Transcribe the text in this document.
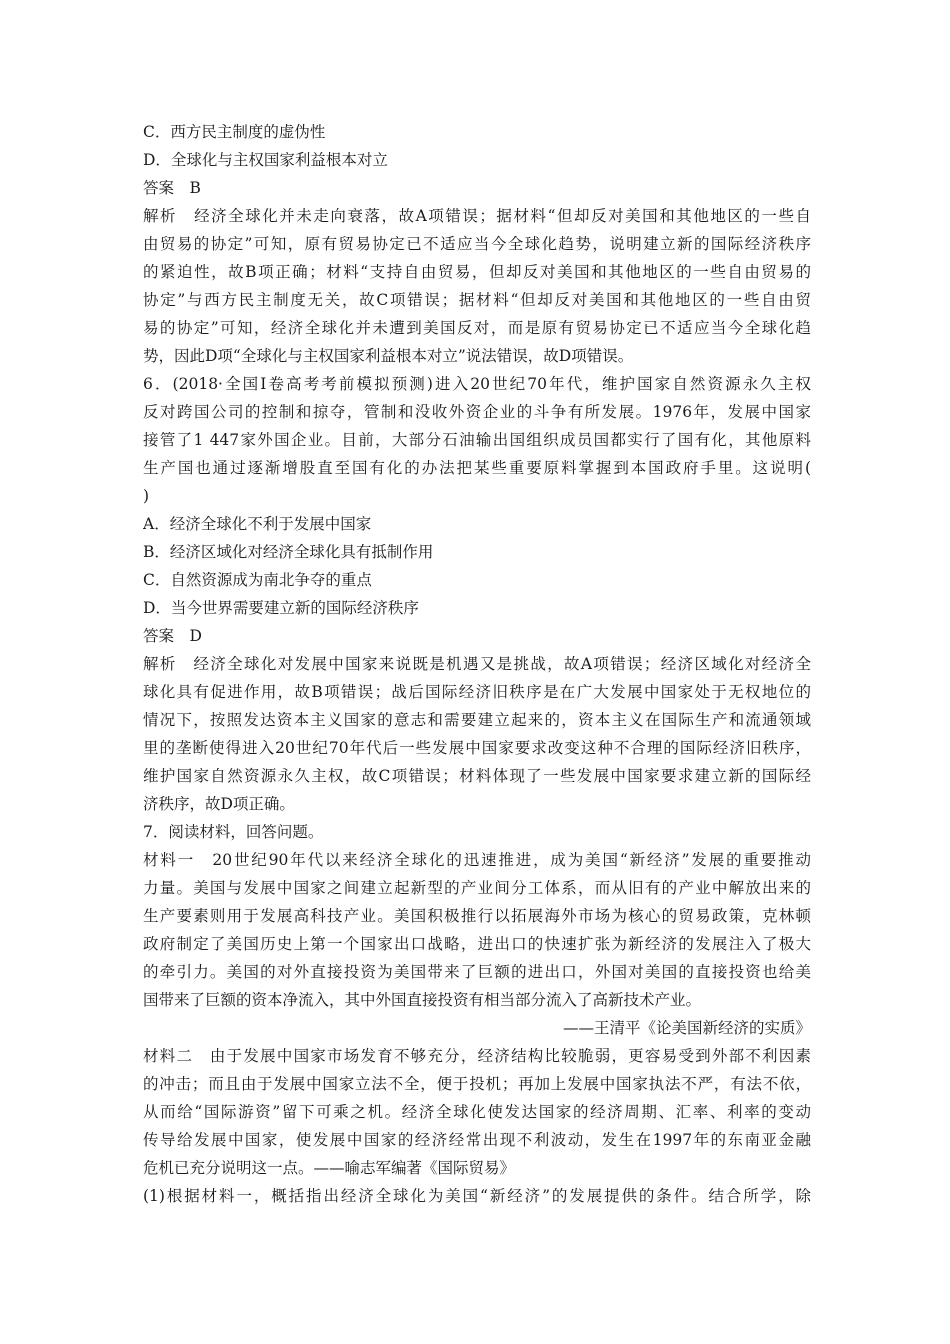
C．西方民主制度的虚伪性
D．全球化与主权国家利益根本对立
答案　B
解析　经济全球化并未走向衰落，故A项错误；据材料“但却反对美国和其他地区的一些自
由贸易的协定”可知，原有贸易协定已不适应当今全球化趋势，说明建立新的国际经济秩序
的紧迫性，故B项正确；材料“支持自由贸易，但却反对美国和其他地区的一些自由贸易的
协定”与西方民主制度无关，故C项错误；据材料“但却反对美国和其他地区的一些自由贸
易的协定”可知，经济全球化并未遭到美国反对，而是原有贸易协定已不适应当今全球化趋
势，因此D项“全球化与主权国家利益根本对立”说法错误，故D项错误。
6．(2018·全国Ⅰ卷高考考前模拟预测)进入20世纪70年代，维护国家自然资源永久主权
反对跨国公司的控制和掠夺，管制和没收外资企业的斗争有所发展。1976年，发展中国家
接管了1 447家外国企业。目前，大部分石油输出国组织成员国都实行了国有化，其他原料
生产国也通过逐渐增股直至国有化的办法把某些重要原料掌握到本国政府手里。这说明(
)
A．经济全球化不利于发展中国家
B．经济区域化对经济全球化具有抵制作用
C．自然资源成为南北争夺的重点
D．当今世界需要建立新的国际经济秩序
答案　D
解析　经济全球化对发展中国家来说既是机遇又是挑战，故A项错误；经济区域化对经济全
球化具有促进作用，故B项错误；战后国际经济旧秩序是在广大发展中国家处于无权地位的
情况下，按照发达资本主义国家的意志和需要建立起来的，资本主义在国际生产和流通领域
里的垄断使得进入20世纪70年代后一些发展中国家要求改变这种不合理的国际经济旧秩序，
维护国家自然资源永久主权，故C项错误；材料体现了一些发展中国家要求建立新的国际经
济秩序，故D项正确。
7．阅读材料，回答问题。
材料一　20世纪90年代以来经济全球化的迅速推进，成为美国“新经济”发展的重要推动
力量。美国与发展中国家之间建立起新型的产业间分工体系，而从旧有的产业中解放出来的
生产要素则用于发展高科技产业。美国积极推行以拓展海外市场为核心的贸易政策，克林顿
政府制定了美国历史上第一个国家出口战略，进出口的快速扩张为新经济的发展注入了极大
的牵引力。美国的对外直接投资为美国带来了巨额的进出口，外国对美国的直接投资也给美
国带来了巨额的资本净流入，其中外国直接投资有相当部分流入了高新技术产业。
——王清平《论美国新经济的实质》
材料二　由于发展中国家市场发育不够充分，经济结构比较脆弱，更容易受到外部不利因素
的冲击；而且由于发展中国家立法不全，便于投机；再加上发展中国家执法不严，有法不依，
从而给“国际游资”留下可乘之机。经济全球化使发达国家的经济周期、汇率、利率的变动
传导给发展中国家，使发展中国家的经济经常出现不利波动，发生在1997年的东南亚金融
危机已充分说明这一点。——喻志军编著《国际贸易》
(1)根据材料一，概括指出经济全球化为美国“新经济”的发展提供的条件。结合所学，除
